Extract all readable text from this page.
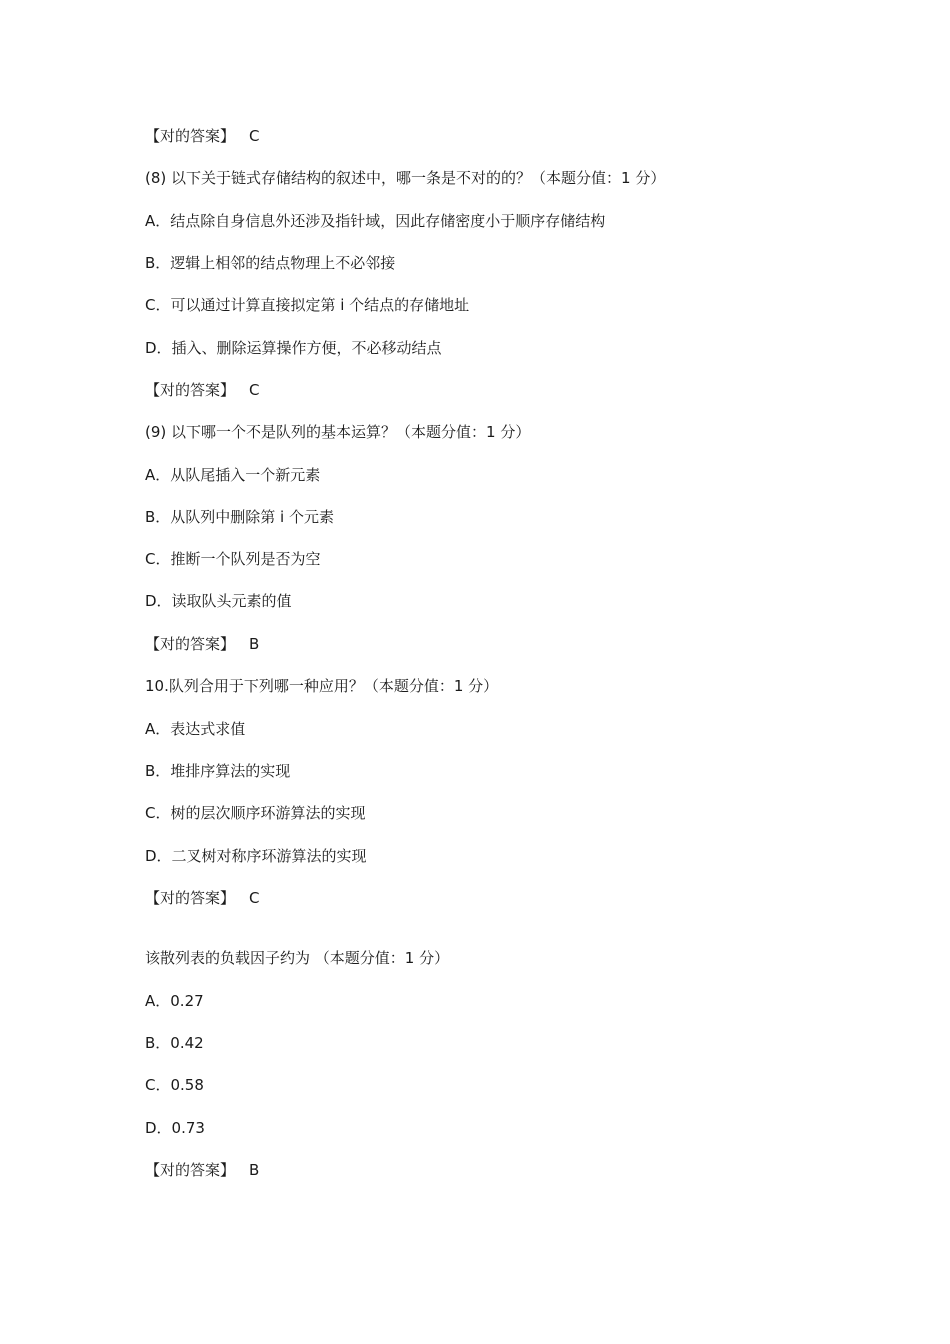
【对的答案】 C
(8) 以下关于链式存储结构的叙述中，哪一条是不对的的？（本题分值：1 分）
A．结点除自身信息外还涉及指针域，因此存储密度小于顺序存储结构
B．逻辑上相邻的结点物理上不必邻接
C．可以通过计算直接拟定第 i 个结点的存储地址
D．插入、删除运算操作方便，不必移动结点
【对的答案】 C
(9) 以下哪一个不是队列的基本运算？（本题分值：1 分）
A．从队尾插入一个新元素
B．从队列中删除第 i 个元素
C．推断一个队列是否为空
D．读取队头元素的值
【对的答案】 B
10.队列合用于下列哪一种应用？（本题分值：1 分）
A．表达式求值
B．堆排序算法的实现
C．树的层次顺序环游算法的实现
D．二叉树对称序环游算法的实现
【对的答案】 C
该散列表的负载因子约为 （本题分值：1 分）
A．0.27
B．0.42
C．0.58
D．0.73
【对的答案】 B
